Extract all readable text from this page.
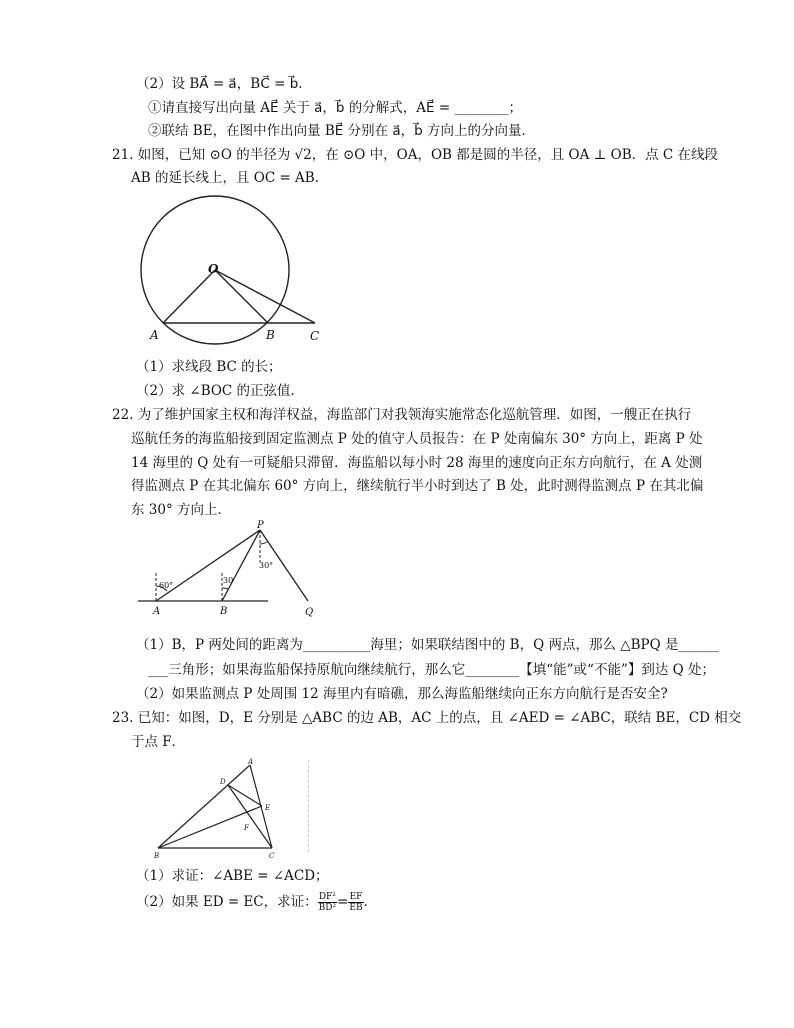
（2）设 BA⃗ = a⃗，BC⃗ = b⃗．
①请直接写出向量 AE⃗ 关于 a⃗，b⃗ 的分解式，AE⃗ = ________；
②联结 BE，在图中作出向量 BE⃗ 分别在 a⃗，b⃗ 方向上的分向量．
21. 如图，已知 ⊙O 的半径为 √2，在 ⊙O 中，OA，OB 都是圆的半径，且 OA ⊥ OB．点 C 在线段
AB 的延长线上，且 OC = AB．
O
A	B	C
（1）求线段 BC 的长；
（2）求 ∠BOC 的正弦值．
22. 为了维护国家主权和海洋权益，海监部门对我领海实施常态化巡航管理．如图，一艘正在执行
巡航任务的海监船接到固定监测点 P 处的值守人员报告：在 P 处南偏东 30° 方向上，距离 P 处
14 海里的 Q 处有一可疑船只滞留．海监船以每小时 28 海里的速度向正东方向航行，在 A 处测
得监测点 P 在其北偏东 60° 方向上，继续航行半小时到达了 B 处，此时测得监测点 P 在其北偏
东 30° 方向上．
60°
30
30°
P
A	B	Q
（1）B，P 两处间的距离为__________海里；如果联结图中的 B，Q 两点，那么 △BPQ 是______
___三角形；如果海监船保持原航向继续航行，那么它________【填“能”或“不能”】到达 Q 处；
（2）如果监测点 P 处周围 12 海里内有暗礁，那么海监船继续向正东方向航行是否安全?
23. 已知：如图，D，E 分别是 △ABC 的边 AB，AC 上的点，且 ∠AED = ∠ABC，联结 BE，CD 相交
于点 F．
A
D
E
F
B	C
（1）求证：∠ABE = ∠ACD；
（2）如果 ED = EC，求证： $\frac{\text{DF²}}{\text{BD²}} = \frac{EF}{EB}$ ．
